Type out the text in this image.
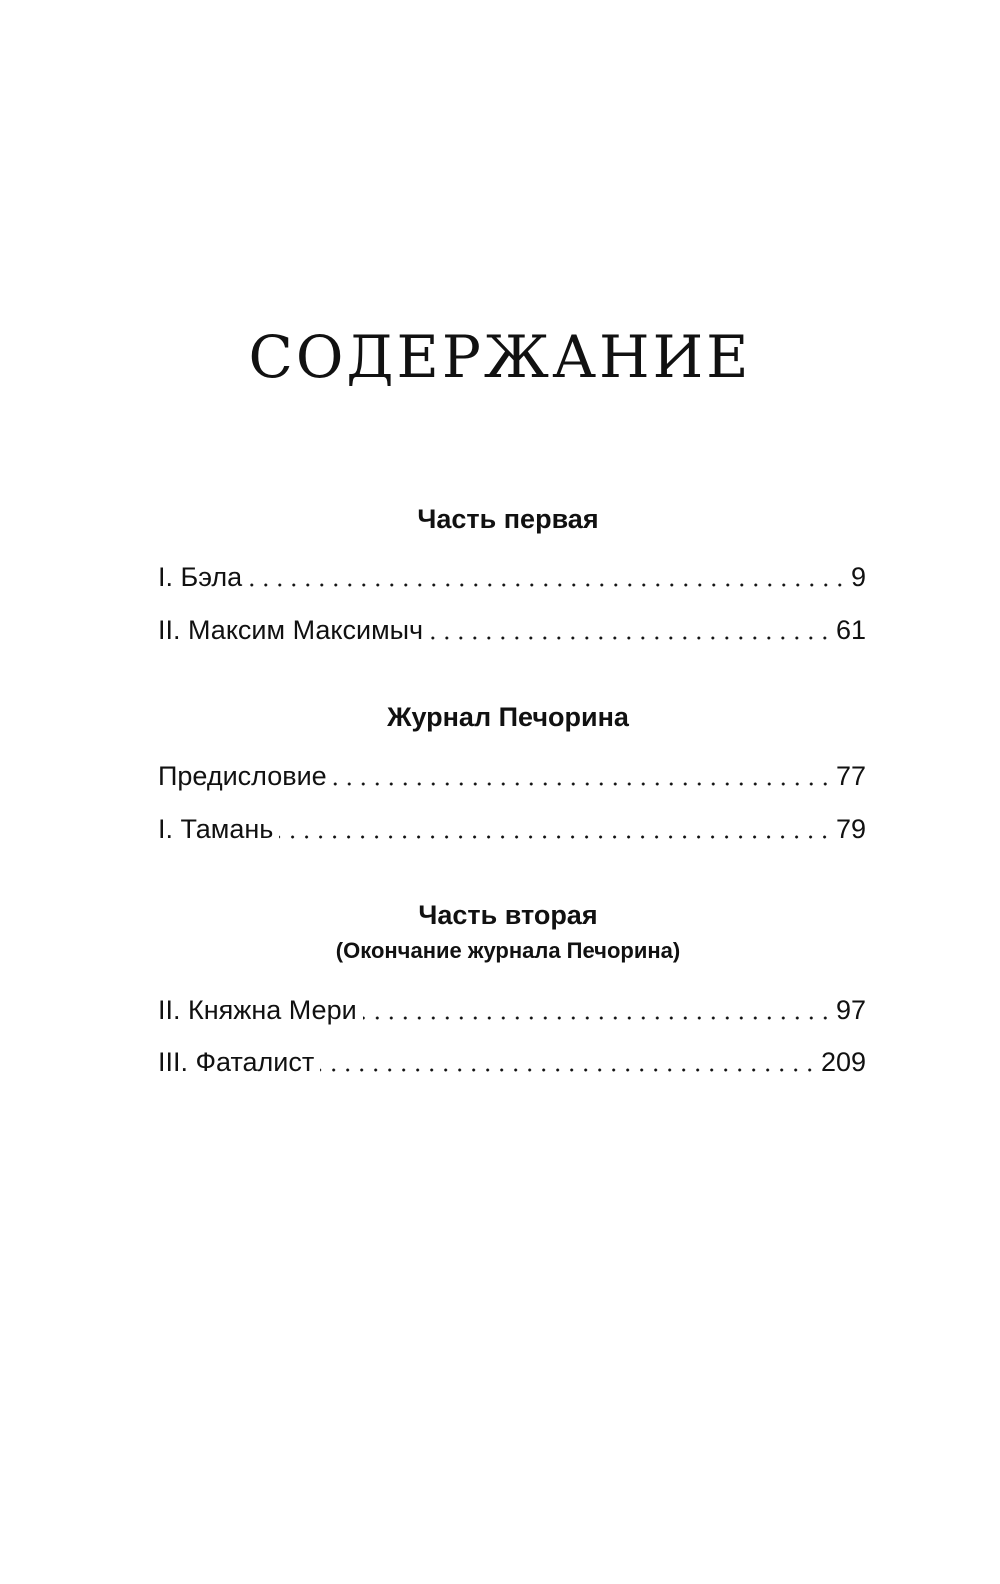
СОДЕРЖАНИЕ
Часть первая
I. Бэла	9
II. Максим Максимыч	61
Журнал Печорина
Предисловие	77
I. Тамань	79
Часть вторая
(Окончание журнала Печорина)
II. Княжна Мери	97
III. Фаталист	209
